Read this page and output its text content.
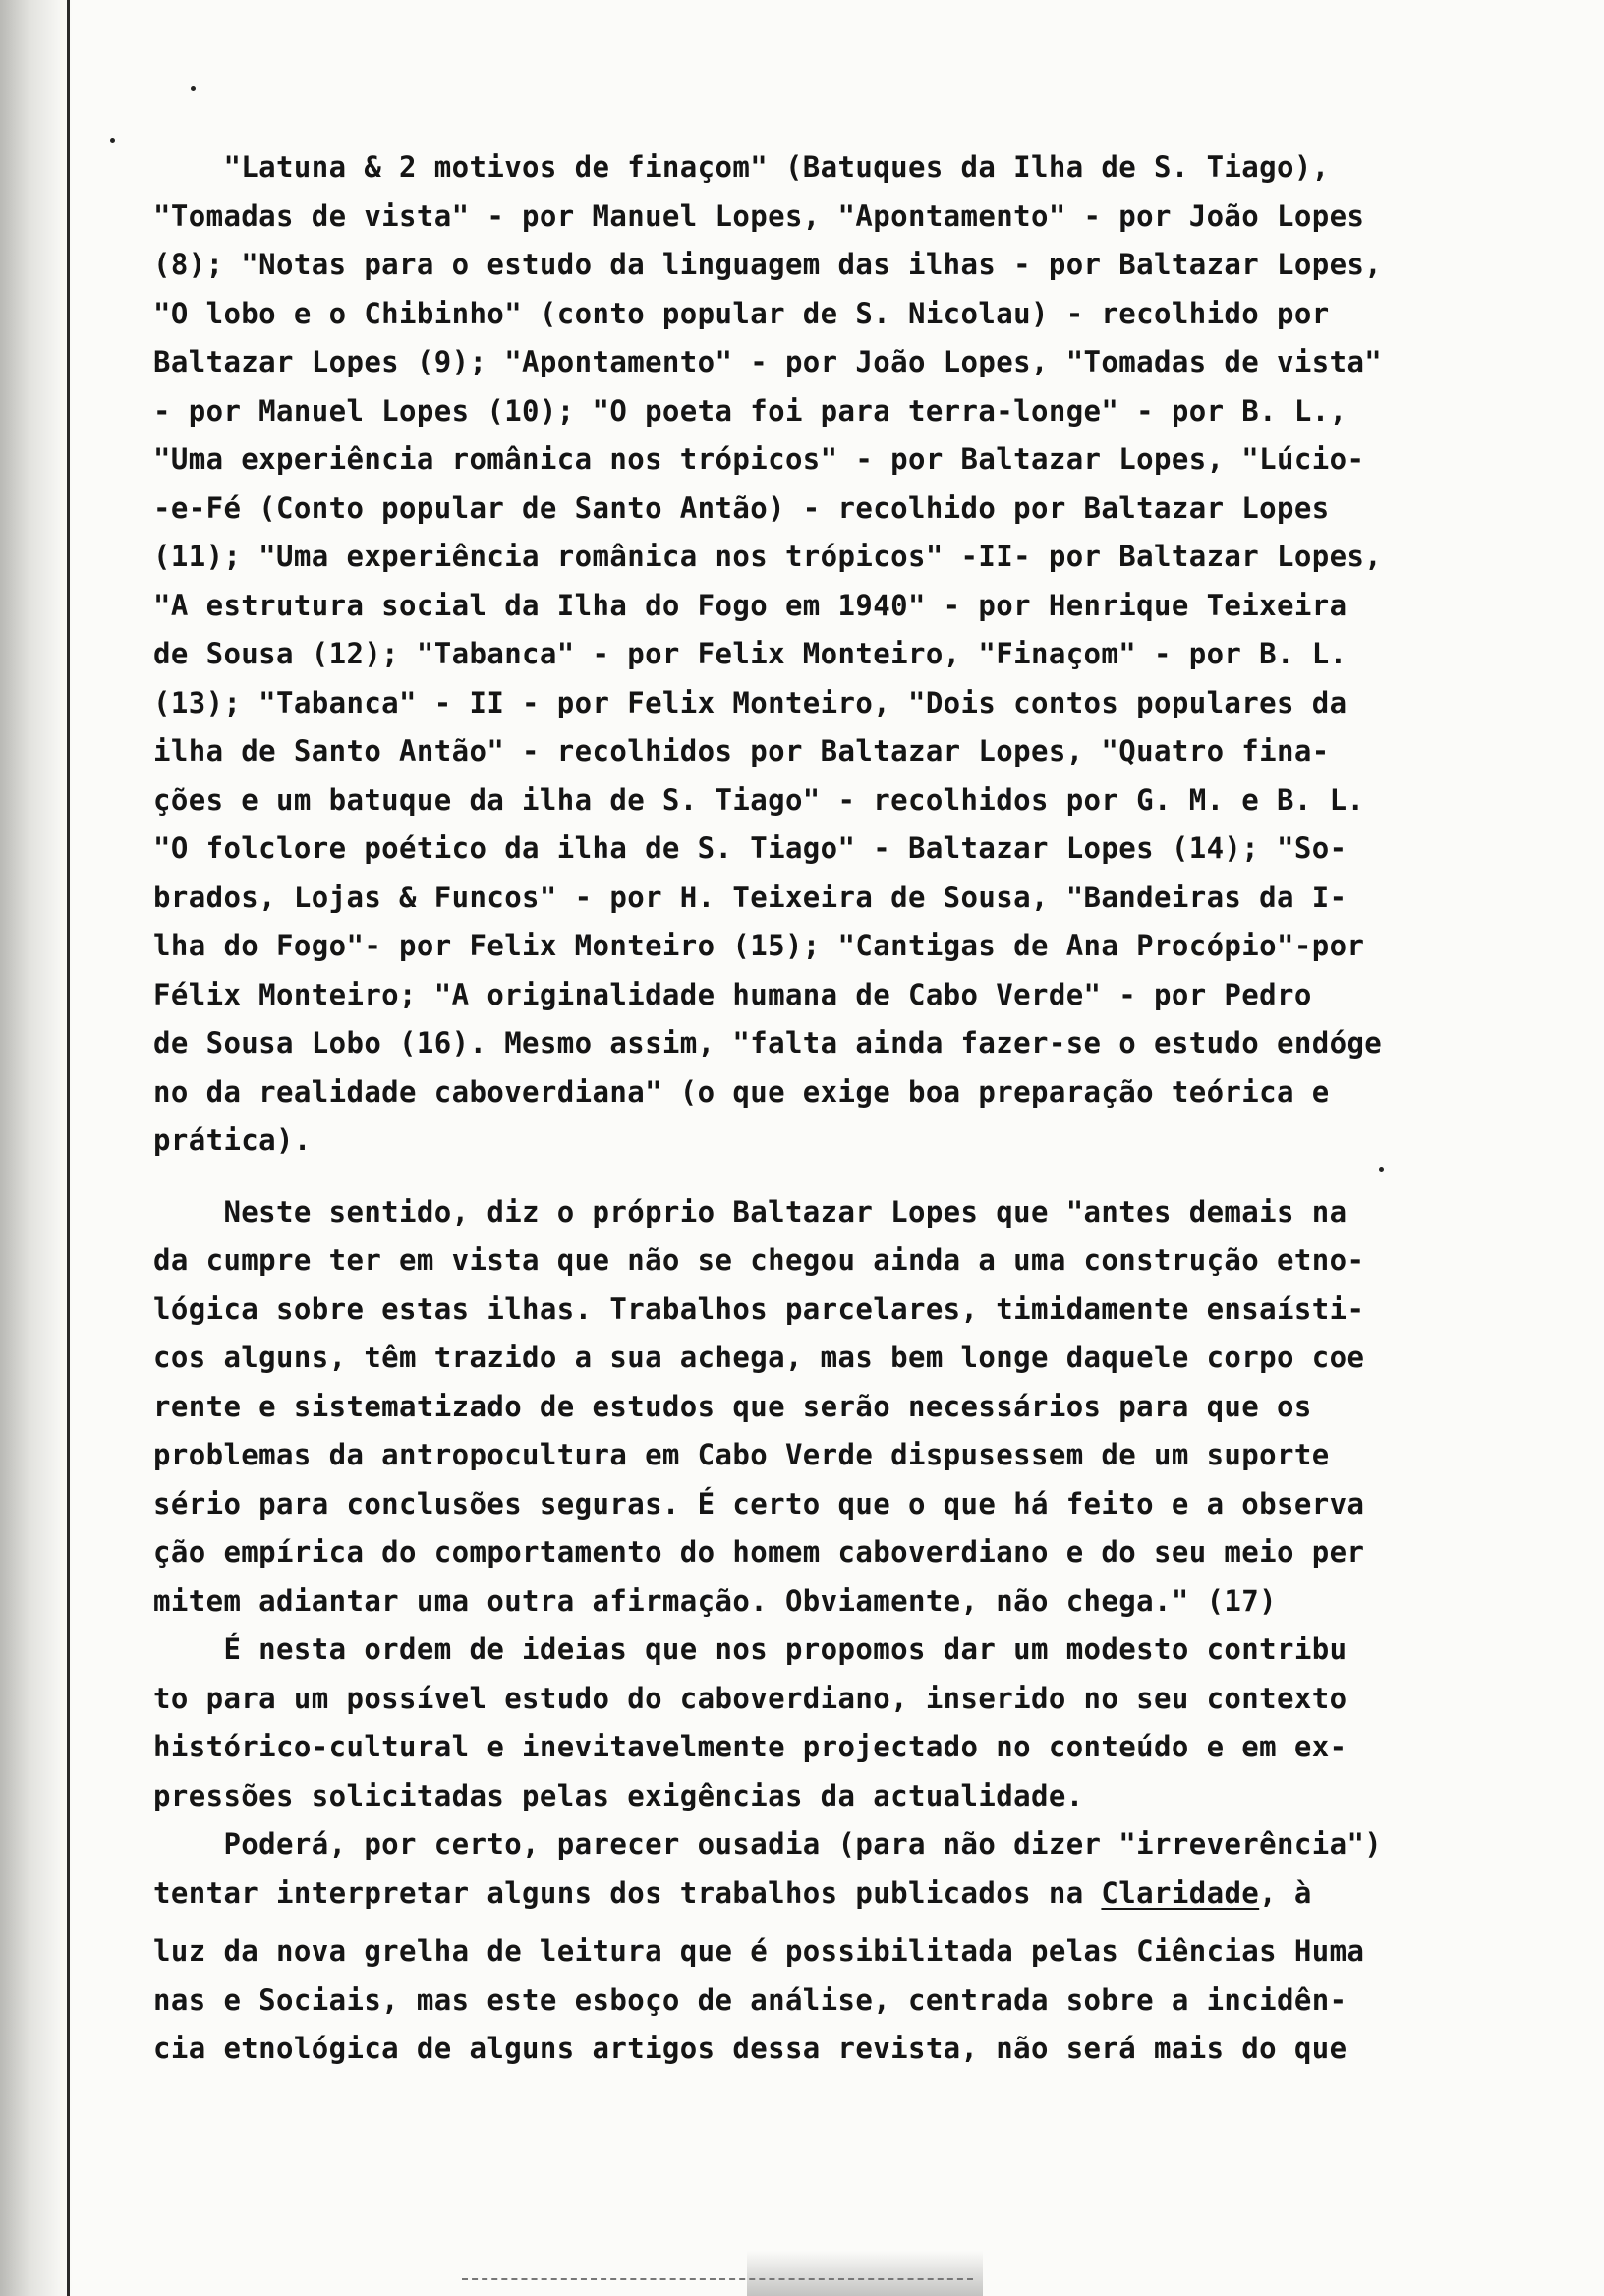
"Latuna & 2 motivos de finaçom" (Batuques da Ilha de S. Tiago),
"Tomadas de vista" - por Manuel Lopes, "Apontamento" - por João Lopes
(8); "Notas para o estudo da linguagem das ilhas - por Baltazar Lopes,
"O lobo e o Chibinho" (conto popular de S. Nicolau) - recolhido por
Baltazar Lopes (9); "Apontamento" - por João Lopes, "Tomadas de vista"
- por Manuel Lopes (10); "O poeta foi para terra-longe" - por B. L.,
"Uma experiência românica nos trópicos" - por Baltazar Lopes, "Lúcio-
-e-Fé (Conto popular de Santo Antão) - recolhido por Baltazar Lopes
(11); "Uma experiência românica nos trópicos" -II- por Baltazar Lopes,
"A estrutura social da Ilha do Fogo em 1940" - por Henrique Teixeira
de Sousa (12); "Tabanca" - por Felix Monteiro, "Finaçom" - por B. L.
(13); "Tabanca" - II - por Felix Monteiro, "Dois contos populares da
ilha de Santo Antão" - recolhidos por Baltazar Lopes, "Quatro fina-
ções e um batuque da ilha de S. Tiago" - recolhidos por G. M. e B. L.
"O folclore poético da ilha de S. Tiago" - Baltazar Lopes (14); "So-
brados, Lojas & Funcos" - por H. Teixeira de Sousa, "Bandeiras da I-
lha do Fogo"- por Felix Monteiro (15); "Cantigas de Ana Procópio"-por
Félix Monteiro; "A originalidade humana de Cabo Verde" - por Pedro
de Sousa Lobo (16). Mesmo assim, "falta ainda fazer-se o estudo endóge
no da realidade caboverdiana" (o que exige boa preparação teórica e
prática).
Neste sentido, diz o próprio Baltazar Lopes que "antes demais na
da cumpre ter em vista que não se chegou ainda a uma construção etno-
lógica sobre estas ilhas. Trabalhos parcelares, timidamente ensaísti-
cos alguns, têm trazido a sua achega, mas bem longe daquele corpo coe
rente e sistematizado de estudos que serão necessários para que os
problemas da antropocultura em Cabo Verde dispusessem de um suporte
sério para conclusões seguras. É certo que o que há feito e a observa
ção empírica do comportamento do homem caboverdiano e do seu meio per
mitem adiantar uma outra afirmação. Obviamente, não chega." (17)
É nesta ordem de ideias que nos propomos dar um modesto contribu
to para um possível estudo do caboverdiano, inserido no seu contexto
histórico-cultural e inevitavelmente projectado no conteúdo e em ex-
pressões solicitadas pelas exigências da actualidade.
Poderá, por certo, parecer ousadia (para não dizer "irreverência")
tentar interpretar alguns dos trabalhos publicados na Claridade, à
luz da nova grelha de leitura que é possibilitada pelas Ciências Huma
nas e Sociais, mas este esboço de análise, centrada sobre a incidên-
cia etnológica de alguns artigos dessa revista, não será mais do que
